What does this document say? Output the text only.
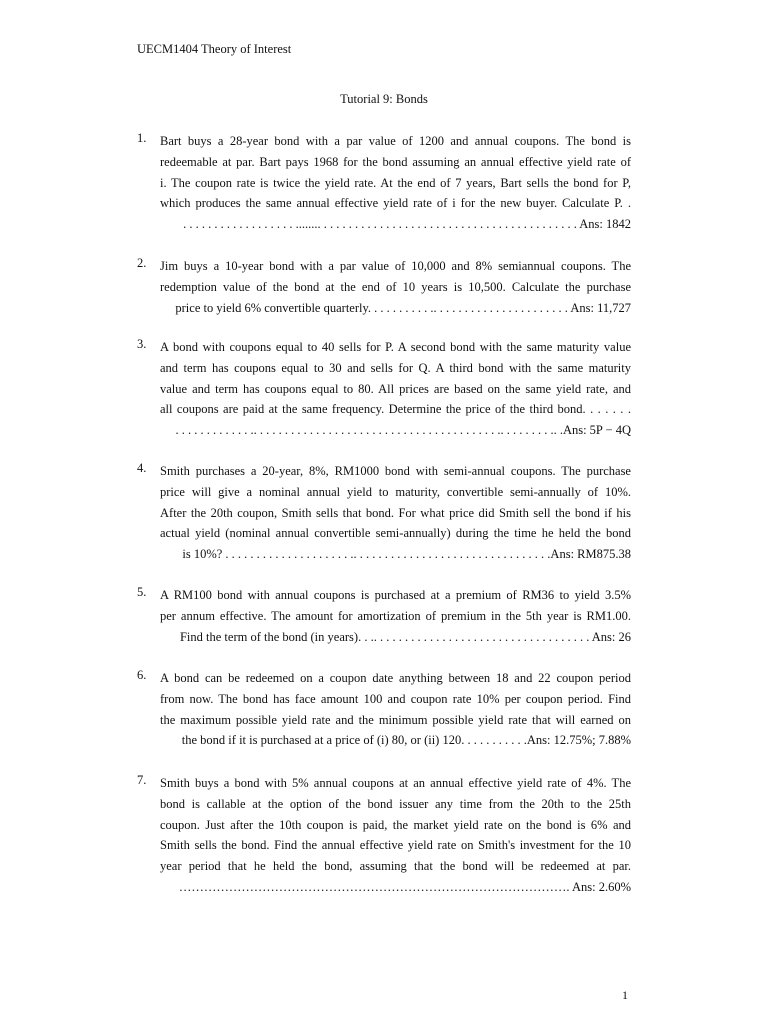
UECM1404 Theory of Interest
Tutorial 9: Bonds
1.	Bart buys a 28-year bond with a par value of 1200 and annual coupons. The bond is
redeemable at par. Bart pays 1968 for the bond assuming an annual effective yield rate of
i. The coupon rate is twice the yield rate. At the end of 7 years, Bart sells the bond for P,
which produces the same annual effective yield rate of i for the new buyer. Calculate P. .
. . . . . . . . . . . . . . . . . . ........ . . . . . . . . . . . . . . . . . . . . . . . . . . . . . . . . . . . . . . . . . Ans: 1842
2.	Jim buys a 10-year bond with a par value of 10,000 and 8% semiannual coupons. The
redemption value of the bond at the end of 10 years is 10,500. Calculate the purchase
price to yield 6% convertible quarterly. . . . . . . . . . .. . . . . . . . . . . . . . . . . . . . . . Ans: 11,727
3.	A bond with coupons equal to 40 sells for P. A second bond with the same maturity value
and term has coupons equal to 30 and sells for Q. A third bond with the same maturity
value and term has coupons equal to 80. All prices are based on the same yield rate, and
all coupons are paid at the same frequency. Determine the price of the third bond. . . . . . .
. . . . . . . . . . . . .. . . . . . . . . . . . . . . . . . . . . . . . . . . . . . . . . . . . . . . .. . . . . . . . .. .Ans: 5P − 4Q
4.	Smith purchases a 20-year, 8%, RM1000 bond with semi-annual coupons. The purchase
price will give a nominal annual yield to maturity, convertible semi-annually of 10%.
After the 20th coupon, Smith sells that bond. For what price did Smith sell the bond if his
actual yield (nominal annual convertible semi-annually) during the time he held the bond
is 10%? . . . . . . . . . . . . . . . . . . . . .. . . . . . . . . . . . . . . . . . . . . . . . . . . . . . . .Ans: RM875.38
5.	A RM100 bond with annual coupons is purchased at a premium of RM36 to yield 3.5%
per annum effective. The amount for amortization of premium in the 5th year is RM1.00.
Find the term of the bond (in years). . .. . . . . . . . . . . . . . . . . . . . . . . . . . . . . . . . . . . Ans: 26
6.	A bond can be redeemed on a coupon date anything between 18 and 22 coupon period
from now. The bond has face amount 100 and coupon rate 10% per coupon period. Find
the maximum possible yield rate and the minimum possible yield rate that will earned on
the bond if it is purchased at a price of (i) 80, or (ii) 120. . . . . . . . . . .Ans: 12.75%; 7.88%
7.	Smith buys a bond with 5% annual coupons at an annual effective yield rate of 4%. The
bond is callable at the option of the bond issuer any time from the 20th to the 25th
coupon. Just after the 10th coupon is paid, the market yield rate on the bond is 6% and
Smith sells the bond. Find the annual effective yield rate on Smith's investment for the 10
year period that he held the bond, assuming that the bond will be redeemed at par.
…………………………………………………………………………………. Ans: 2.60%
1
